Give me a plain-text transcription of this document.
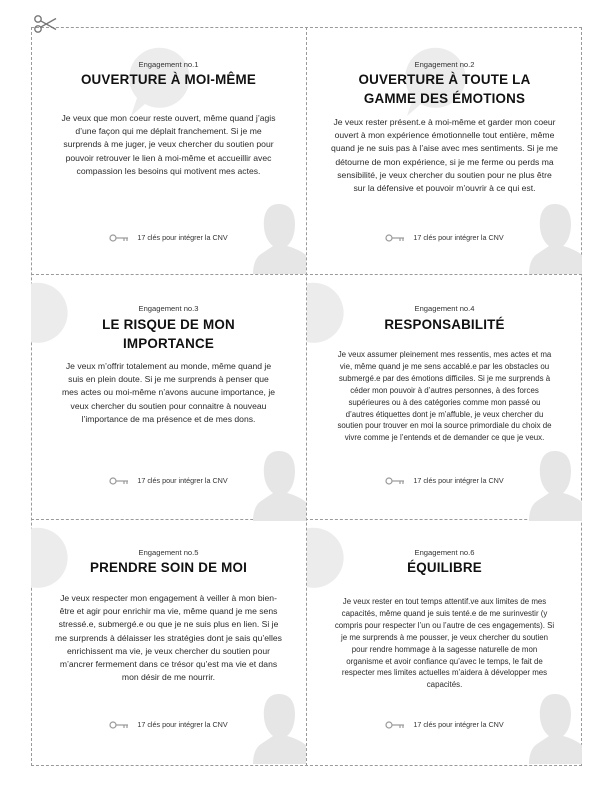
Engagement no.1
OUVERTURE À MOI-MÊME
Je veux que mon coeur reste ouvert, même quand j’agis d’une façon qui me déplait franchement. Si je me surprends à me juger, je veux chercher du soutien pour pouvoir retrouver le lien à moi-même et accueillir avec compassion les besoins qui motivent mes actes.
17 clés pour intégrer la CNV
Engagement no.2
OUVERTURE À TOUTE LA GAMME DES ÉMOTIONS
Je veux rester présent.e à moi-même et garder mon coeur ouvert à mon expérience émotionnelle tout entière, même quand je ne suis pas à l’aise avec mes sentiments. Si je me détourne de mon expérience, si je me ferme ou perds ma sensibilité, je veux chercher du soutien pour ne plus être sur la défensive et pouvoir m’ouvrir à ce qui est.
17 clés pour intégrer la CNV
Engagement no.3
LE RISQUE DE MON IMPORTANCE
Je veux m’offrir totalement au monde, même quand je suis en plein doute. Si je me surprends à penser que mes actes ou moi-même n’avons aucune importance, je veux chercher du soutien pour connaitre à nouveau l’importance de ma présence et de mes dons.
17 clés pour intégrer la CNV
Engagement no.4
RESPONSABILITÉ
Je veux assumer pleinement mes ressentis, mes actes et ma vie, même quand je me sens accablé.e par les obstacles ou submergé.e par des émotions difficiles. Si je me surprends à céder mon pouvoir à d’autres personnes, à des forces supérieures ou à des catégories comme mon passé ou d’autres étiquettes dont je m’affuble, je veux chercher du soutien pour trouver en moi la source primordiale du choix de vivre comme je l’entends et de demander ce que je veux.
17 clés pour intégrer la CNV
Engagement no.5
PRENDRE SOIN DE MOI
Je veux respecter mon engagement à veiller à mon bien-être et agir pour enrichir ma vie, même quand je me sens stressé.e, submergé.e ou que je ne suis plus en lien. Si je me surprends à délaisser les stratégies dont je sais qu’elles enrichissent ma vie, je veux chercher du soutien pour m’ancrer fermement dans ce trésor qu’est ma vie et dans mon désir de me nourrir.
17 clés pour intégrer la CNV
Engagement no.6
ÉQUILIBRE
Je veux rester en tout temps attentif.ve aux limites de mes capacités, même quand je suis tenté.e de me surinvestir (y compris pour respecter l’un ou l’autre de ces engagements). Si je me surprends à me pousser, je veux chercher du soutien pour rendre hommage à la sagesse naturelle de mon organisme et avoir confiance qu’avec le temps, le fait de respecter mes limites actuelles m’aidera à développer mes capacités.
17 clés pour intégrer la CNV
